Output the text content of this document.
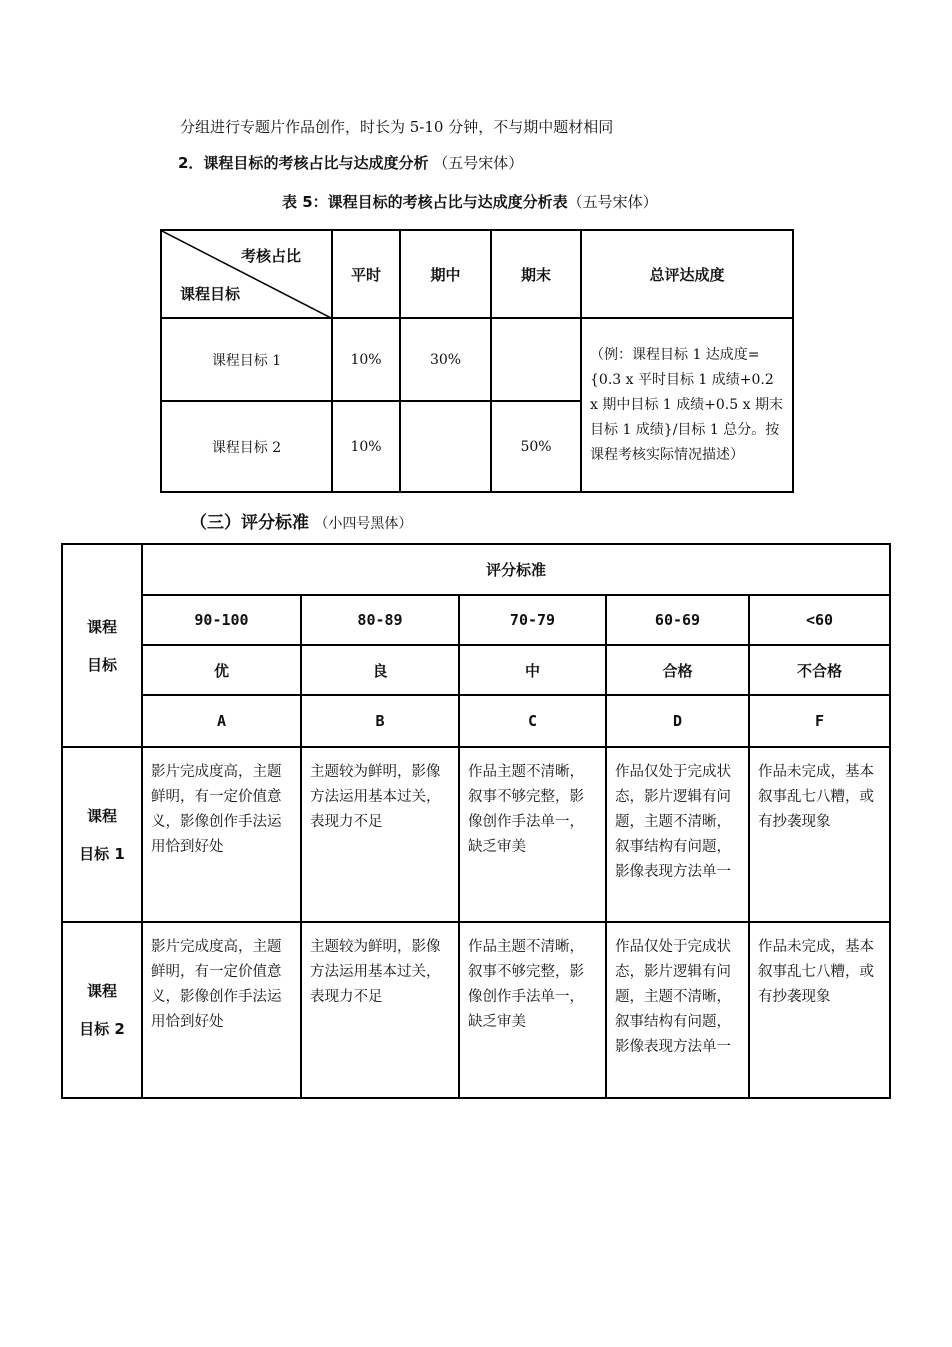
分组进行专题片作品创作，时长为 5-10 分钟，不与期中题材相同
2．课程目标的考核占比与达成度分析 （五号宋体）
表 5：课程目标的考核占比与达成度分析表（五号宋体）
考核占比
课程目标	平时	期中	期末	总评达成度
课程目标 1	10%	30%		（例：课程目标 1 达成度={0.3 x 平时目标 1 成绩+0.2 x 期中目标 1 成绩+0.5 x 期末目标 1 成绩}/目标 1 总分。按课程考核实际情况描述）
课程目标 2	10%		50%	
（三）评分标准 （小四号黑体）
课程
目标	评分标准				
	90-100	80-89	70-79	60-69	<60
	优	良	中	合格	不合格
	A	B	C	D	F

课程
目标 1	影片完成度高，主题鲜明，有一定价值意义，影像创作手法运用恰到好处	主题较为鲜明，影像方法运用基本过关，表现力不足	作品主题不清晰，叙事不够完整，影像创作手法单一，缺乏审美	作品仅处于完成状态，影片逻辑有问题，主题不清晰，叙事结构有问题，影像表现方法单一	作品未完成，基本叙事乱七八糟，或有抄袭现象

课程
目标 2	影片完成度高，主题鲜明，有一定价值意义，影像创作手法运用恰到好处	主题较为鲜明，影像方法运用基本过关，表现力不足	作品主题不清晰，叙事不够完整，影像创作手法单一，缺乏审美	作品仅处于完成状态，影片逻辑有问题，主题不清晰，叙事结构有问题，影像表现方法单一	作品未完成，基本叙事乱七八糟，或有抄袭现象
